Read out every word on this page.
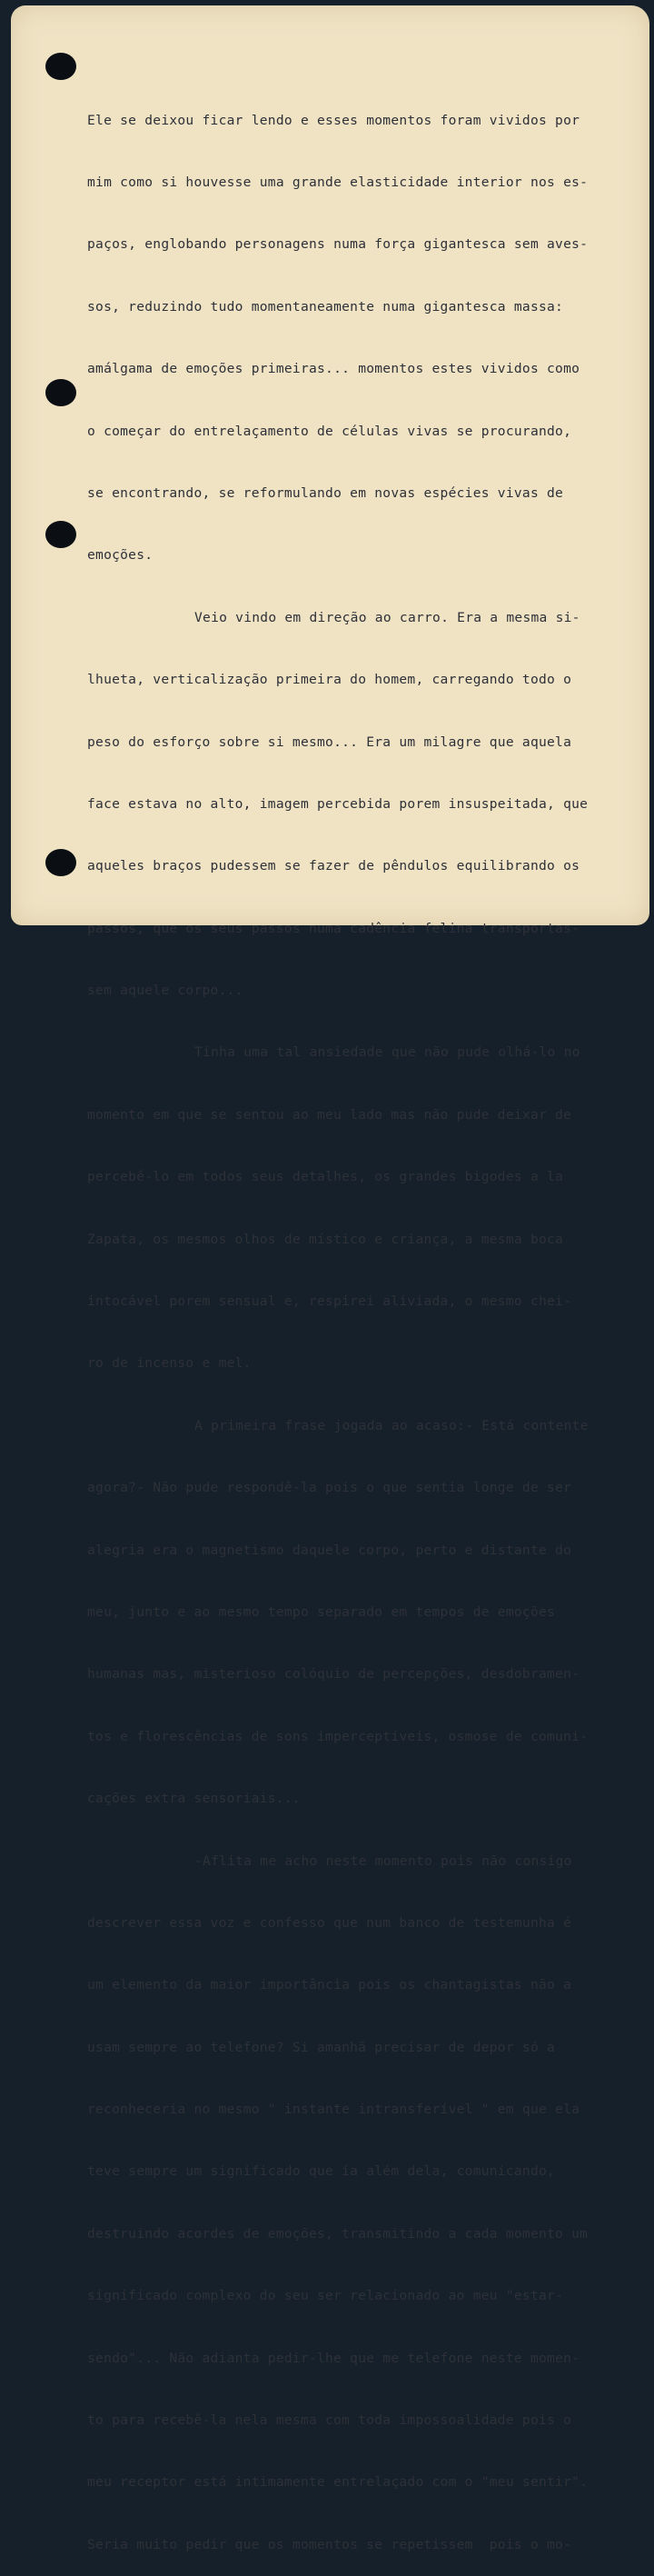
Ele se deixou ficar lendo e esses momentos foram vividos por

mim como si houvesse uma grande elasticidade interior nos es-

paços, englobando personagens numa força gigantesca sem aves-

sos, reduzindo tudo momentaneamente numa gigantesca massa:

amálgama de emoções primeiras... momentos estes vividos como

o começar do entrelaçamento de células vivas se procurando,

se encontrando, se reformulando em novas espécies vivas de

emoções.

Veio vindo em direção ao carro. Era a mesma si-

lhueta, verticalização primeira do homem, carregando todo o

peso do esforço sobre si mesmo... Era um milagre que aquela

face estava no alto, imagem percebida porem insuspeitada, que

aqueles braços pudessem se fazer de pêndulos equilibrando os

passos, que os seus passos numa cadência felina transportas-

sem aquele corpo...

Tinha uma tal ansiedade que não pude olhá-lo no

momento em que se sentou ao meu lado mas não pude deixar de

percebê-lo em todos seus detalhes, os grandes bigodes a la

Zapata, os mesmos olhos de místico e criança, a mesma boca

intocável porem sensual e, respirei aliviada, o mesmo chei-

ro de incenso e mel.

A primeira frase jogada ao acaso:- Está contente

agora?- Não pude respondê-la pois o que sentia longe de ser

alegria era o magnetismo daquele corpo, perto e distante do

meu, junto e ao mesmo tempo separado em tempos de emoções

humanas mas, misterioso colóquio de percepções, desdobramen-

tos e florescências de sons imperceptíveis, osmose de comuni-

cações extra sensoriais...

-Aflita me acho neste momento pois não consigo

descrever essa voz e confesso que num banco de testemunha é

um elemento da maior importância pois os chantagistas não a

usam sempre ao telefone? Si amanhã precisar de depor só a

reconheceria no mesmo " instante intransferível " em que ela

teve sempre um significado que ía além dela, comunicando,

destruindo acordes de emoções, transmitindo a cada momento um

significado complexo do seu ser relacionado ao meu "estar-

sendo"... Não adianta pedir-lhe que me telefone neste momen-

to para recebê-la nela mesma com toda impossoalidade pois o

meu receptor está intimamente entrelaçado com o "meu sentir".

Seria muito pedir que os momentos se repetissem  pois o mo-
